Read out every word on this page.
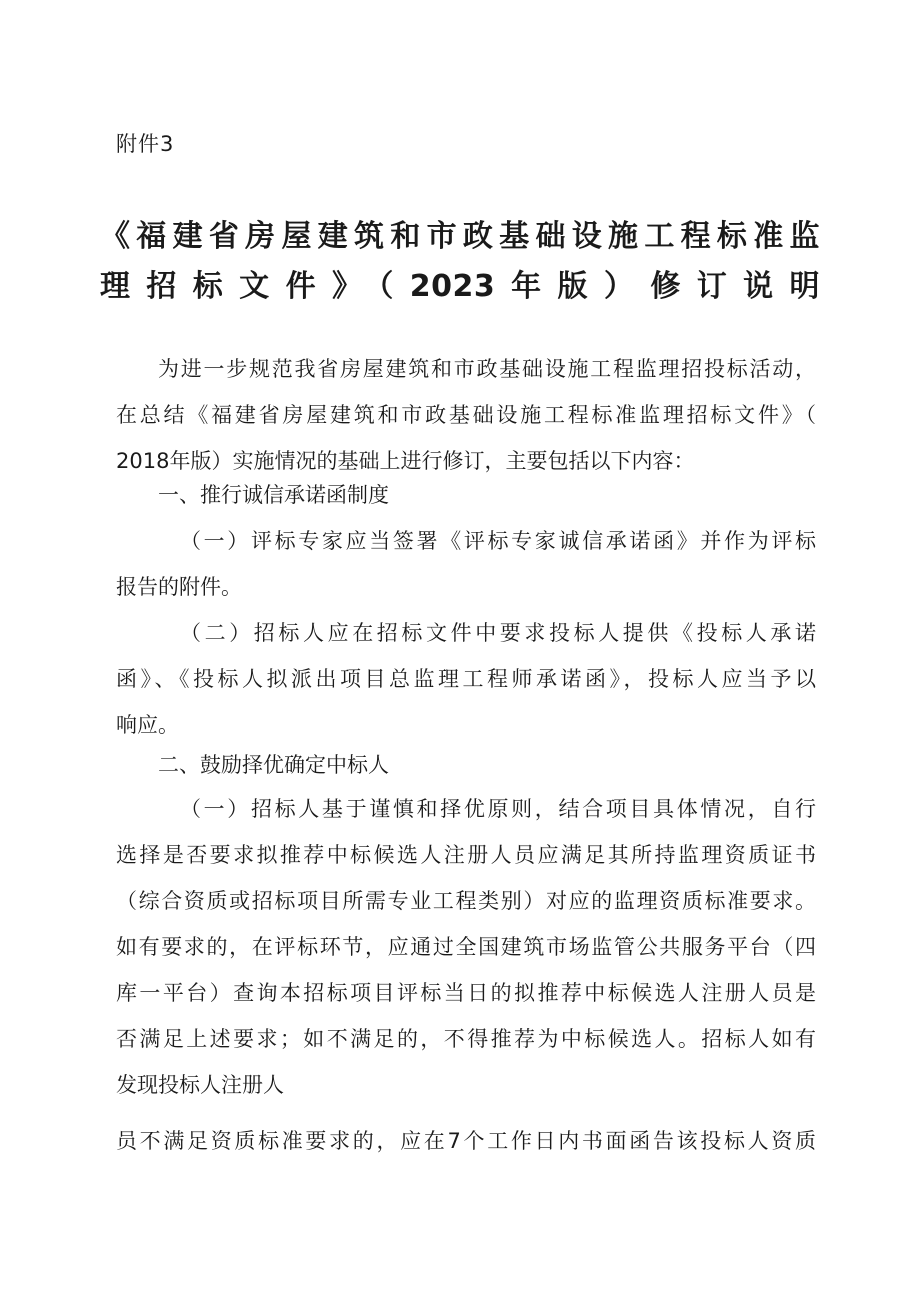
附件3
《福建省房屋建筑和市政基础设施工程标准监
理招标文件》（2023年版）修订说明
为进一步规范我省房屋建筑和市政基础设施工程监理招投标活动，
在总结《福建省房屋建筑和市政基础设施工程标准监理招标文件》（
2018年版）实施情况的基础上进行修订，主要包括以下内容：
一、推行诚信承诺函制度
（一）评标专家应当签署《评标专家诚信承诺函》并作为评标
报告的附件。
（二）招标人应在招标文件中要求投标人提供《投标人承诺
函》、《投标人拟派出项目总监理工程师承诺函》，投标人应当予以
响应。
二、鼓励择优确定中标人
（一）招标人基于谨慎和择优原则，结合项目具体情况，自行
选择是否要求拟推荐中标候选人注册人员应满足其所持监理资质证书
（综合资质或招标项目所需专业工程类别）对应的监理资质标准要求。
如有要求的，在评标环节，应通过全国建筑市场监管公共服务平台（四
库一平台）查询本招标项目评标当日的拟推荐中标候选人注册人员是
否满足上述要求；如不满足的，不得推荐为中标候选人。招标人如有
发现投标人注册人
员不满足资质标准要求的，应在7个工作日内书面函告该投标人资质
